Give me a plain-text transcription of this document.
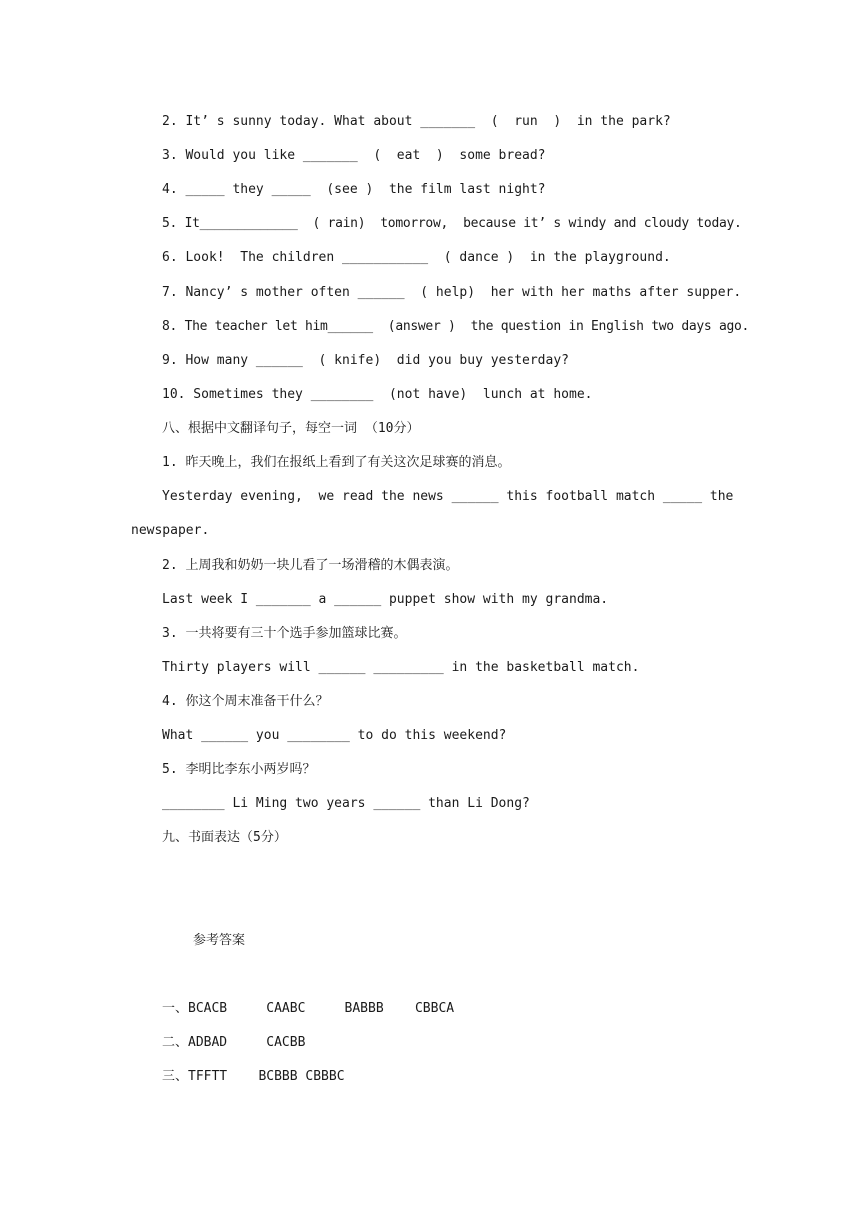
2. It’ s sunny today. What about _______  (  run  )  in the park?
3. Would you like _______  (  eat  )  some bread?
4. _____ they _____  (see )  the film last night?
5. It_____________  ( rain)  tomorrow,  because it’ s windy and cloudy today.
6. Look!  The children ___________  ( dance )  in the playground.
7. Nancy’ s mother often ______  ( help)  her with her maths after supper.
8. The teacher let him______  (answer )  the question in English two days ago.
9. How many ______  ( knife)  did you buy yesterday?
10. Sometimes they ________  (not have)  lunch at home.
八、根据中文翻译句子，每空一词 （10分）
1. 昨天晚上，我们在报纸上看到了有关这次足球赛的消息。
Yesterday evening,  we read the news ______ this football match _____ the
newspaper.
2. 上周我和奶奶一块儿看了一场滑稽的木偶表演。
Last week I _______ a ______ puppet show with my grandma.
3. 一共将要有三十个选手参加篮球比赛。
Thirty players will ______ _________ in the basketball match.
4. 你这个周末准备干什么？
What ______ you ________ to do this weekend?
5. 李明比李东小两岁吗？
________ Li Ming two years ______ than Li Dong?
九、书面表达（5分）
参考答案
一、BCACB     CAABC     BABBB    CBBCA
二、ADBAD     CACBB
三、TFFTT    BCBBB CBBBC
